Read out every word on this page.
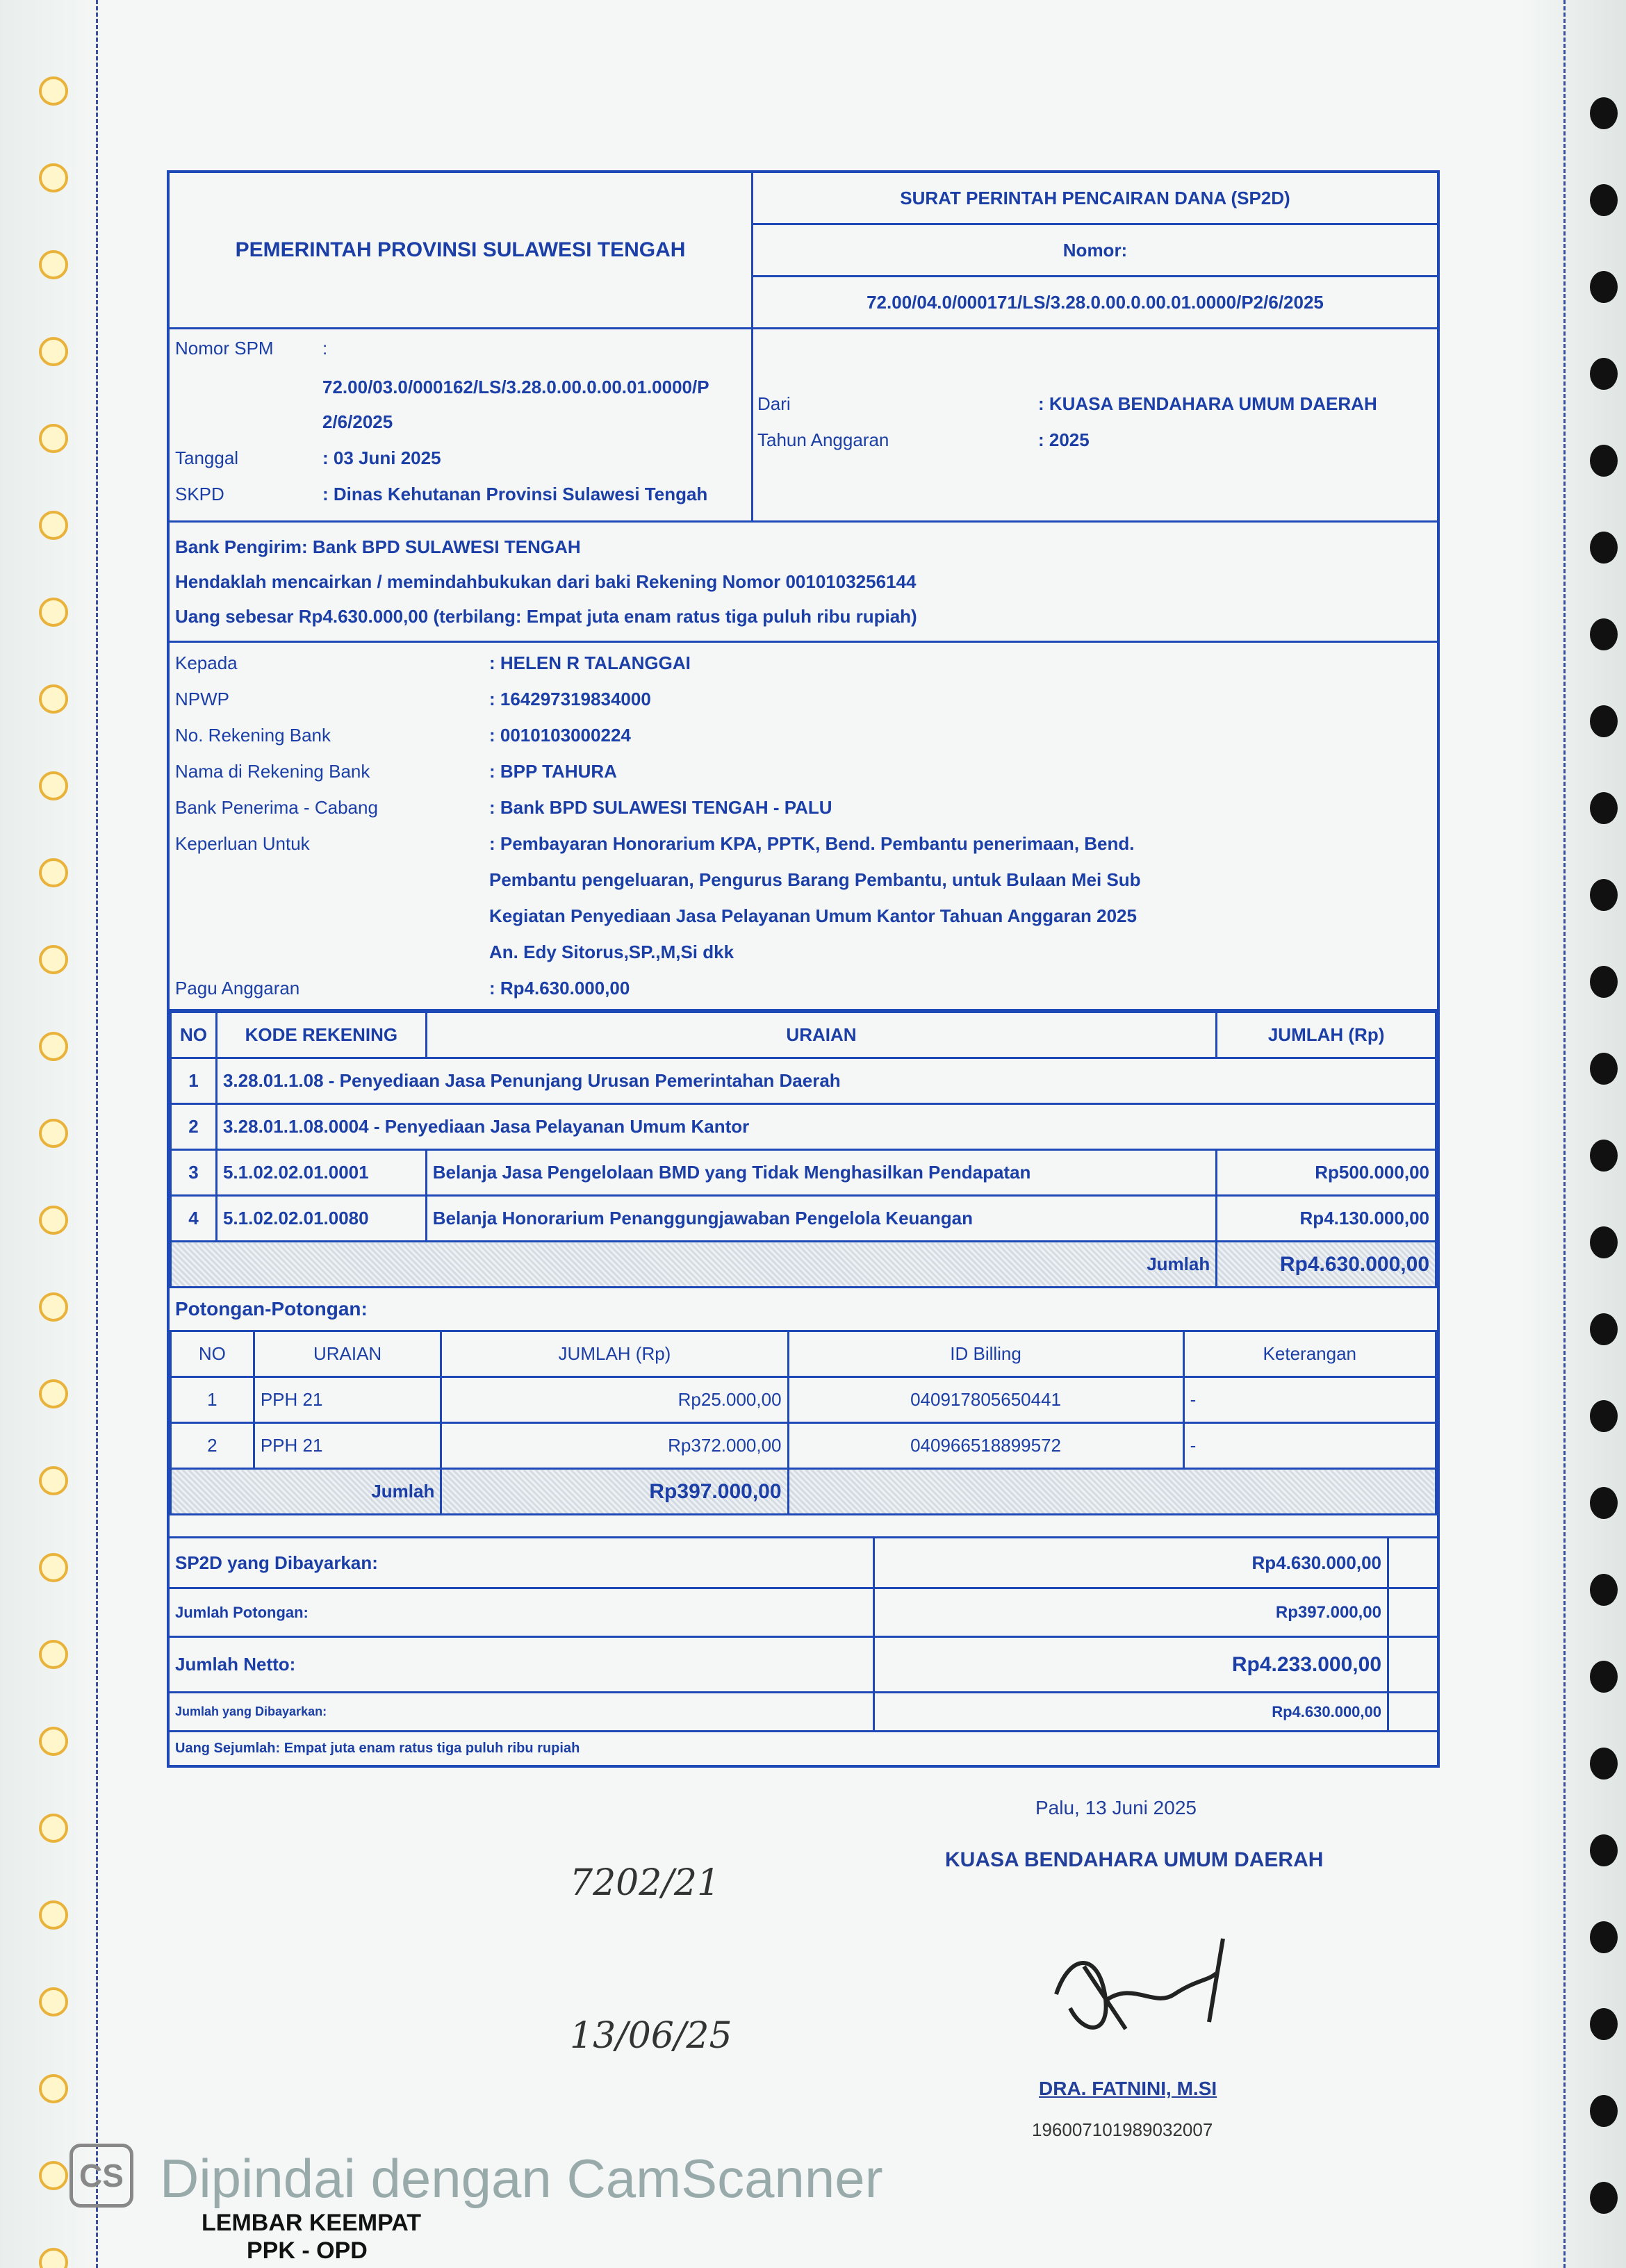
PEMERINTAH PROVINSI SULAWESI TENGAH
SURAT PERINTAH PENCAIRAN DANA (SP2D)
Nomor:
72.00/04.0/000171/LS/3.28.0.00.0.00.01.0000/P2/6/2025
Nomor SPM	:
72.00/03.0/000162/LS/3.28.0.00.0.00.01.0000/P
2/6/2025
Tanggal	: 03 Juni 2025
SKPD	: Dinas Kehutanan Provinsi Sulawesi Tengah
Dari	: KUASA BENDAHARA UMUM DAERAH
Tahun Anggaran	: 2025
Bank Pengirim: Bank BPD SULAWESI TENGAH
Hendaklah mencairkan / memindahbukukan dari baki Rekening Nomor 0010103256144
Uang sebesar Rp4.630.000,00 (terbilang: Empat juta enam ratus tiga puluh ribu rupiah)
Kepada	: HELEN R TALANGGAI
NPWP	: 164297319834000
No. Rekening Bank	: 0010103000224
Nama di Rekening Bank	: BPP TAHURA
Bank Penerima - Cabang	: Bank BPD SULAWESI TENGAH - PALU
Keperluan Untuk	: Pembayaran Honorarium KPA, PPTK, Bend. Pembantu penerimaan, Bend.
Pembantu pengeluaran, Pengurus Barang Pembantu, untuk Bulaan Mei Sub
Kegiatan Penyediaan Jasa Pelayanan Umum Kantor Tahuan Anggaran 2025
An. Edy Sitorus,SP.,M,Si dkk
Pagu Anggaran	: Rp4.630.000,00
NO	KODE REKENING	URAIAN	JUMLAH (Rp)
1	3.28.01.1.08 - Penyediaan Jasa Penunjang Urusan Pemerintahan Daerah		
2	3.28.01.1.08.0004 - Penyediaan Jasa Pelayanan Umum Kantor		
3	5.1.02.02.01.0001	Belanja Jasa Pengelolaan BMD yang Tidak Menghasilkan Pendapatan	Rp500.000,00
4	5.1.02.02.01.0080	Belanja Honorarium Penanggungjawaban Pengelola Keuangan	Rp4.130.000,00
Jumlah			Rp4.630.000,00
Potongan-Potongan:
NO	URAIAN	JUMLAH (Rp)	ID Billing	Keterangan
1	PPH 21	Rp25.000,00	040917805650441	-
2	PPH 21	Rp372.000,00	040966518899572	-
Jumlah		Rp397.000,00		
SP2D yang Dibayarkan:	Rp4.630.000,00
Jumlah Potongan:	Rp397.000,00
Jumlah Netto:	Rp4.233.000,00
Jumlah yang Dibayarkan:	Rp4.630.000,00
Uang Sejumlah: Empat juta enam ratus tiga puluh ribu rupiah
Palu, 13 Juni 2025
KUASA BENDAHARA UMUM DAERAH
DRA. FATNINI, M.SI
196007101989032007
7202/21
13/06/25
CS Dipindai dengan CamScanner
LEMBAR KEEMPAT
PPK - OPD
